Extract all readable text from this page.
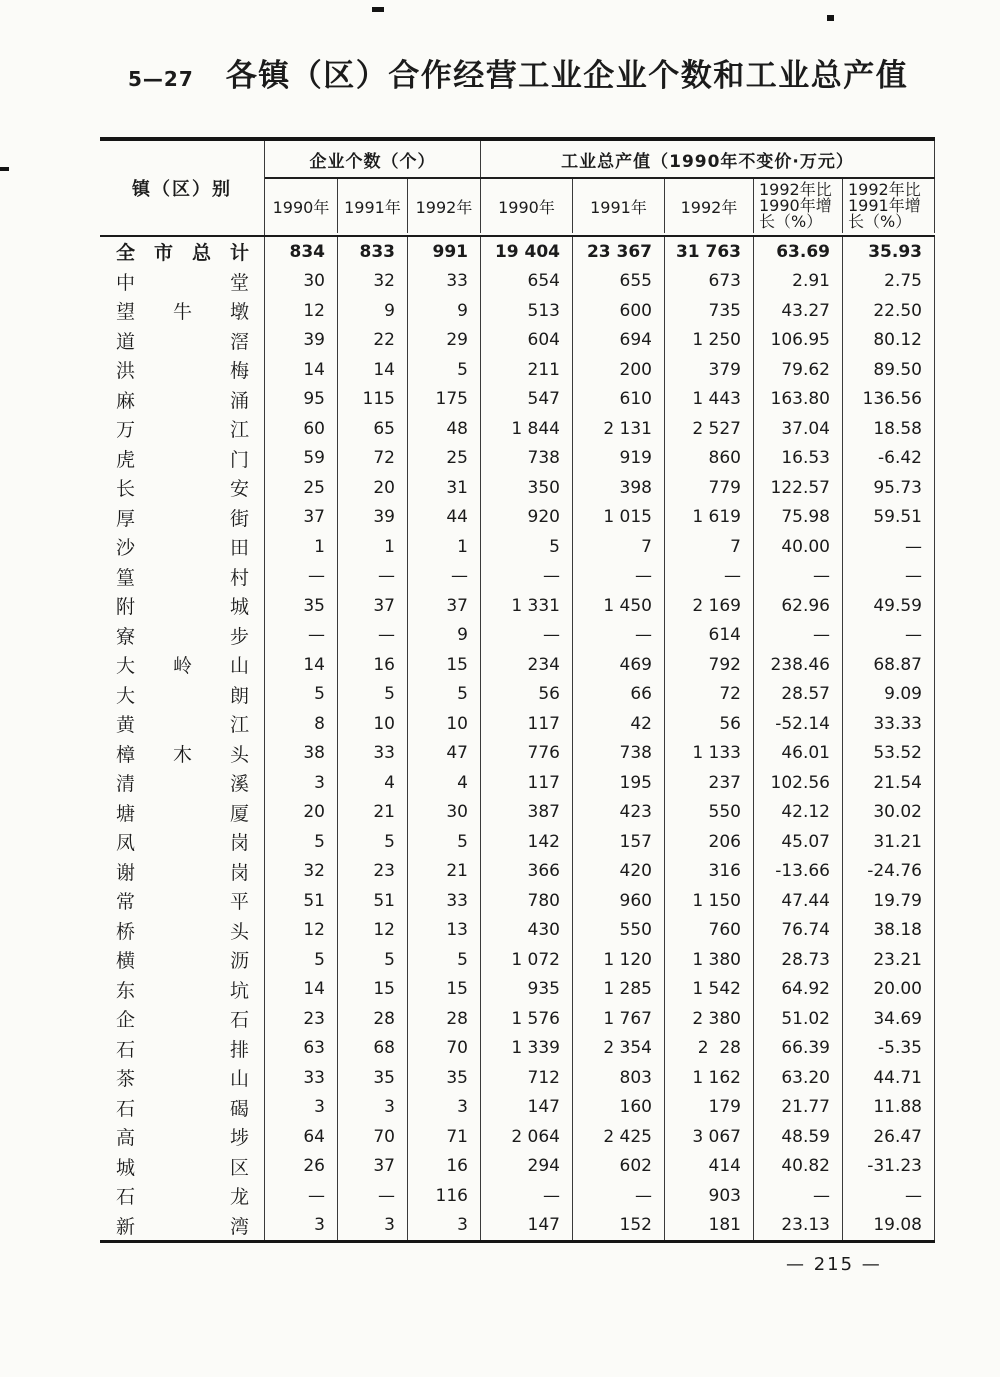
5—27 各镇（区）合作经营工业企业个数和工业总产值
镇（区）别
企业个数（个）	工业总产值（1990年不变价·万元）
1990年 1991年 1992年	1990年	1991年	1992年
1992年比
1990年增
长（%）
1992年比
1991年增
长（%）
全 市 总 计	834	833	991	19 404	23 367	31 763	63.69	35.93
中	堂	30	32	33	654	655	673	2.91	2.75
望 牛 墩	12	9	9	513	600	735	43.27	22.50
道	滘	39	22	29	604	694	1 250	106.95	80.12
洪	梅	14	14	5	211	200	379	79.62	89.50
麻	涌	95	115	175	547	610	1 443	163.80	136.56
万	江	60	65	48	1 844	2 131	2 527	37.04	18.58
虎	门	59	72	25	738	919	860	16.53	-6.42
长	安	25	20	31	350	398	779	122.57	95.73
厚	街	37	39	44	920	1 015	1 619	75.98	59.51
沙	田	1	1	1	5	7	7	40.00	—
篁	村	—	—	—	—	—	—	—	—
附	城	35	37	37	1 331	1 450	2 169	62.96	49.59
寮	步	—	—	9	—	—	614	—	—
大 岭 山	14	16	15	234	469	792	238.46	68.87
大	朗	5	5	5	56	66	72	28.57	9.09
黄	江	8	10	10	117	42	56	-52.14	33.33
樟 木 头	38	33	47	776	738	1 133	46.01	53.52
清	溪	3	4	4	117	195	237	102.56	21.54
塘	厦	20	21	30	387	423	550	42.12	30.02
凤	岗	5	5	5	142	157	206	45.07	31.21
谢	岗	32	23	21	366	420	316	-13.66	-24.76
常	平	51	51	33	780	960	1 150	47.44	19.79
桥	头	12	12	13	430	550	760	76.74	38.18
横	沥	5	5	5	1 072	1 120	1 380	28.73	23.21
东	坑	14	15	15	935	1 285	1 542	64.92	20.00
企	石	23	28	28	1 576	1 767	2 380	51.02	34.69
石	排	63	68	70	1 339	2 354	2  28	66.39	-5.35
茶	山	33	35	35	712	803	1 162	63.20	44.71
石	碣	3	3	3	147	160	179	21.77	11.88
高	埗	64	70	71	2 064	2 425	3 067	48.59	26.47
城	区	26	37	16	294	602	414	40.82	-31.23
石	龙	—	—	116	—	—	903	—	—
新	湾	3	3	3	147	152	181	23.13	19.08
— 215 —
